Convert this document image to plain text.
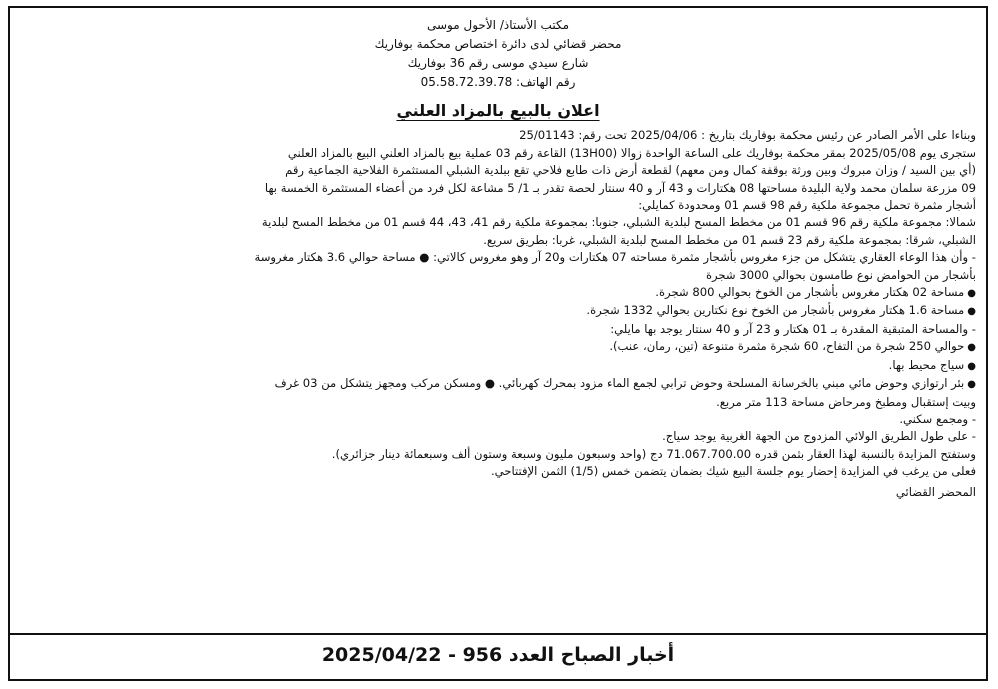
مكتب الأستاذ/ الأحول موسى
محضر قضائي لدى دائرة اختصاص محكمة بوفاريك
شارع سيدي موسى رقم 36 بوفاريك
رقم الهاتف: 05.58.72.39.78
اعلان بالبيع بالمزاد العلني
وبناءا على الأمر الصادر عن رئيس محكمة بوفاريك بتاريخ : 2025/04/06 تحت رقم: 25/01143
ستجرى يوم 2025/05/08 بمقر محكمة بوفاريك على الساعة الواحدة زوالا (13H00) القاعة رقم 03 عملية بيع بالمزاد العلني البيع بالمزاد العلني
(أي بين السيد / وزان مبروك وبين ورثة بوقفة كمال ومن معهم) لقطعة أرض ذات طابع فلاحي تقع ببلدية الشبلي المستثمرة الفلاحية الجماعية رقم
09 مزرعة سلمان محمد ولاية البليدة مساحتها 08 هكتارات و 43 آر و 40 سنتار لحصة تقدر بـ 1/ 5 مشاعة لكل فرد من أعضاء المستثمرة الخمسة بها
أشجار مثمرة تحمل مجموعة ملكية رقم 98 قسم 01 ومحدودة كمايلي:
شمالا: مجموعة ملكية رقم 96 قسم 01 من مخطط المسح لبلدية الشبلي، جنوبا: بمجموعة ملكية رقم 41، 43، 44 قسم 01 من مخطط المسح لبلدية
الشبلي، شرقا: بمجموعة ملكية رقم 23 قسم 01 من مخطط المسح لبلدية الشبلي، غربا: بطريق سريع.
- وأن هذا الوعاء العقاري يتشكل من جزء مغروس بأشجار مثمرة مساحته 07 هكتارات و20 آر وهو مغروس كالاتي: ● مساحة حوالي 3.6 هكتار مغروسة
بأشجار من الحوامض نوع طامسون بحوالي 3000 شجرة
● مساحة 02 هكتار مغروس بأشجار من الخوخ بحوالي 800 شجرة.
● مساحة 1.6 هكتار مغروس بأشجار من الخوخ نوع نكتارين بحوالي 1332 شجرة.
- والمساحة المتبقية المقدرة بـ 01 هكتار و 23 آر و 40 سنتار يوجد بها مايلي:
● حوالي 250 شجرة من التفاح، 60 شجرة مثمرة متنوعة (تين، رمان، عنب).
● سياج محيط بها.
● بئر ارتوازي وحوض مائي مبني بالخرسانة المسلحة وحوض ترابي لجمع الماء مزود بمحرك كهربائي. ● ومسكن مركب ومجهز يتشكل من 03 غرف
وبيت إستقبال ومطبخ ومرحاض مساحة 113 متر مربع.
- ومجمع سكني.
- على طول الطريق الولائي المزدوج من الجهة الغربية يوجد سياج.
وستفتح المزايدة بالنسبة لهذا العقار بثمن قدره 71.067.700.00 دج (واحد وسبعون مليون وسبعة وستون ألف وسبعمائة دينار جزائري).
فعلى من يرغب في المزايدة إحضار يوم جلسة البيع شيك بضمان يتضمن خمس (1/5) الثمن الإفتتاحي.
المحضر القضائي
أخبار الصباح العدد 956 - 2025/04/22
